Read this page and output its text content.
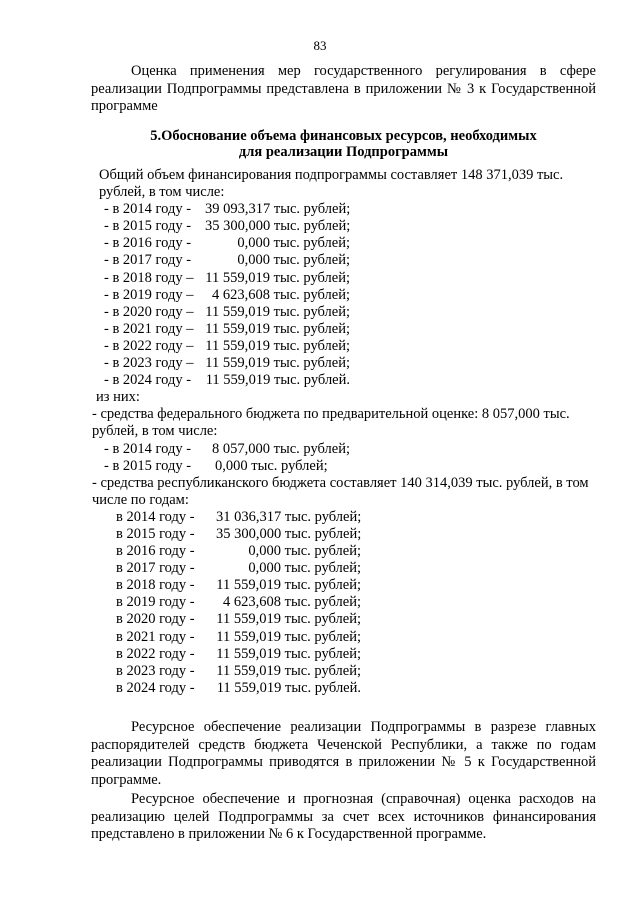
83

Оценка применения мер государственного регулирования в сфере реализации Подпрограммы представлена в приложении № 3 к Государственной программе

5.Обоснование объема финансовых ресурсов, необходимых
для реализации Подпрограммы
Общий объем финансирования подпрограммы составляет 148 371,039 тыс.
рублей, в том числе:
- в 2014 году - 39 093,317 тыс. рублей;
- в 2015 году - 35 300,000 тыс. рублей;
- в 2016 году -	0,000 тыс. рублей;
- в 2017 году -	0,000 тыс. рублей;
- в 2018 году – 11 559,019 тыс. рублей;
- в 2019 году –	4 623,608 тыс. рублей;
- в 2020 году – 11 559,019 тыс. рублей;
- в 2021 году – 11 559,019 тыс. рублей;
- в 2022 году – 11 559,019 тыс. рублей;
- в 2023 году – 11 559,019 тыс. рублей;
- в 2024 году - 11 559,019 тыс. рублей.
из них:
- средства федерального бюджета по предварительной оценке: 8 057,000 тыс.
рублей, в том числе:
- в 2014 году -	8 057,000 тыс. рублей;
- в 2015 году - 0,000 тыс. рублей;
- средства республиканского бюджета составляет 140 314,039 тыс. рублей, в том
числе по годам:
в 2014 году - 31 036,317 тыс. рублей;
в 2015 году - 35 300,000 тыс. рублей;
в 2016 году -	0,000 тыс. рублей;
в 2017 году -	0,000 тыс. рублей;
в 2018 году - 11 559,019 тыс. рублей;
в 2019 году -	4 623,608 тыс. рублей;
в 2020 году - 11 559,019 тыс. рублей;
в 2021 году - 11 559,019 тыс. рублей;
в 2022 году - 11 559,019 тыс. рублей;
в 2023 году - 11 559,019 тыс. рублей;
в 2024 году - 11 559,019 тыс. рублей.

Ресурсное обеспечение реализации Подпрограммы в разрезе главных распорядителей средств бюджета Чеченской Республики, а также по годам реализации Подпрограммы приводятся в приложении № 5 к Государственной программе.

Ресурсное обеспечение и прогнозная (справочная) оценка расходов на реализацию целей Подпрограммы за счет всех источников финансирования представлено в приложении № 6 к Государственной программе.
